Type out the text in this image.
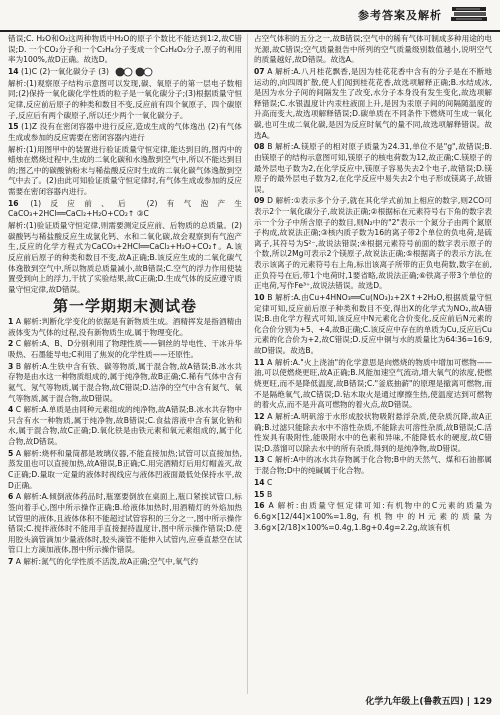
参考答案及解析
错误;C. H₂O和O₂这两种物质中H₂O的原子个数比不能达到1∶2,故C错误;D. 一个CO₂分子和一个C₂H₄分子变成一个C₂H₄O₂分子,原子的利用率为100%,故D正确。故选D。
14 (1)C (2)一氧化碳分子 (3)
解析:(1)观察原子结构示意图可以发现,碳、氧原子的第一层电子数相同;(2)保持一氧化碳化学性质的粒子是一氧化碳分子;(3)根据质量守恒定律,反应前后原子的种类和数目不变,反应前有四个氧原子、四个碳原子,反应后有两个碳原子,所以还少两个一氧化碳分子。
15 (1)Z 没有在密闭容器中进行反应,造成生成的气体逸出 (2)有气体生成或参加的反应需要在密闭容器内进行
解析:(1)用图甲中的装置进行验证质量守恒定律,能达到目的,图丙中的蜡烛在燃烧过程中,生成的二氧化碳和水逸散到空气中,所以不能达到目的;图乙中的碳酸钠粉末与稀盐酸反应时生成的二氧化碳气体逸散到空气中去了。(2)由此可知验证质量守恒定律时,有气体生成或参加的反应需要在密闭容器内进行。
16 (1)反应前、后 (2)有气泡产生 CaCO₃+2HCl══CaCl₂+H₂O+CO₂↑ ③C
解析:(1)验证质量守恒定律,则需要测定反应前、后物质的总质量。(2)碳酸钙与稀盐酸反应生成氯化钙、水和二氧化碳,故会观察到有气泡产生,反应的化学方程式为CaCO₃+2HCl══CaCl₂+H₂O+CO₂↑。A.该反应前后原子的种类和数目不变,故A正确;B.该反应生成的二氧化碳气体逸散到空气中,所以物质总质量减小,故B错误;C.空气的浮力作用使装置受到向上的浮力,干扰了实验结果,故C正确;D.生成气体的反应遵守质量守恒定律,故D错误。
第一学期期末测试卷
1 A 解析:判断化学变化的依据是有新物质生成。酒精挥发是指酒精由液体变为气体的过程,没有新物质生成,属于物理变化。
2 C 解析:A、B、D分别利用了物理性质——铜丝的导电性、干冰升华吸热、石墨能导电;C利用了焦炭的化学性质——还原性。
3 B 解析:A.生铁中含有铁、碳等物质,属于混合物,故A错误;B.冰水共存物是由水这一种物质组成的,属于纯净物,故B正确;C.稀有气体中含有氦气、氖气等物质,属于混合物,故C错误;D.洁净的空气中含有氮气、氧气等物质,属于混合物,故D错误。
4 C 解析:A.单质是由同种元素组成的纯净物,故A错误;B.冰水共存物中只含有水一种物质,属于纯净物,故B错误;C.食盐溶液中含有氯化钠和水,属于混合物,故C正确;D.氧化铁是由铁元素和氧元素组成的,属于化合物,故D错误。
5 A 解析:烧杯和量筒都是玻璃仪器,不能直接加热;试管可以直接加热,蒸发皿也可以直接加热,故A错误,B正确;C.用完酒精灯后用灯帽盖灭,故C正确;D.量取一定量的液体时视线应与液体凹液面最低处保持水平,故D正确。
6 A 解析:A.倾倒液体药品时,瓶塞要倒放在桌面上,瓶口紧挨试管口,标签向着手心,图中所示操作正确;B.给液体加热时,用酒精灯的外焰加热试管里的液体,且液体体积不能超过试管容积的三分之一,图中所示操作错误;C.搅拌液体时不能用手直接握持温度计,图中所示操作错误;D.使用胶头滴管滴加少量液体时,胶头滴管不能伸入试管内,应垂直悬空在试管口上方滴加液体,图中所示操作错误。
7 A 解析:氮气的化学性质不活泼,故A正确;空气中,氧气约
占空气体积的五分之一,故B错误;空气中的稀有气体可制成多种用途的电光源,故C错误;空气质量报告中所列的空气质量级别数值越小,说明空气的质量越好,故D错误。故选A。
07 A 解析:A.八月桂花飘香,是因为桂花花香中含有的分子是在不断地运动的,向四周扩散,使人们闻到桂花花香,故选项解释正确;B.水结成冰,是因为水分子间的间隔发生了改变,水分子本身没有发生变化,故选项解释错误;C.水银温度计内汞柱液面上升,是因为汞原子间的间隔随温度的升高而变大,故选项解释错误;D.碳单质在不同条件下燃烧可生成一氧化碳,也可生成二氧化碳,是因为反应时氧气的量不同,故选项解释错误。故选A。
08 B 解析:A.镁原子的相对原子质量为24.31,单位不是"g",故错误;B.由镁原子的结构示意图可知,镁原子的核电荷数为12,故正确;C.镁原子的最外层电子数为2,在化学反应中,镁原子容易失去2个电子,故错误;D.镁原子的最外层电子数为2,在化学反应中易失去2个电子形成镁离子,故错误。
09 D 解析:①表示多个分子,就在其化学式前加上相应的数字,则2CO可表示2个一氧化碳分子,故说法正确;②根据标在元素符号右下角的数字表示一个分子中所含原子的数目,则N₂中的"2"表示一个氮分子由两个氮原子构成,故说法正确;③核内质子数为16的离子带2个单位的负电荷,是硫离子,其符号为S²⁻,故说法错误;④根据元素符号前面的数字表示原子的个数,所以2Mg可表示2个镁原子,故说法正确;⑤根据离子的表示方法,在表示该离子的元素符号右上角,标出该离子所带的正负电荷数,数字在前,正负符号在后,带1个电荷时,1要省略,故说法正确;⑥铁离子带3个单位的正电荷,写作Fe³⁺,故说法错误。故选D。
10 B 解析:A.由Cu+4HNO₃══Cu(NO₃)₂+2X↑+2H₂O,根据质量守恒定律可知,反应前后原子种类和数目不变,得出X的化学式为NO₂,故A错误;B.由化学方程式可知,该反应中N元素化合价变化,反应前后N元素的化合价分别为+5、+4,故B正确;C.该反应中存在的单质为Cu,反应后Cu元素的化合价为+2,故C错误;D.反应中铜与水的质量比为64∶36=16∶9,故D错误。故选B。
11 A 解析:A."火上浇油"的化学意思是向燃烧的物质中增加可燃物——油,可以使燃烧更旺,故A正确;B.风能加速空气流动,增大氧气的浓度,使燃烧更旺,而不是降低温度,故B错误;C."釜底抽薪"的原理是撤离可燃物,而不是隔绝氧气,故C错误;D.钻木取火是通过摩擦生热,使温度达到可燃物的着火点,而不是升高可燃物的着火点,故D错误。
12 A 解析:A.明矾溶于水形成胶状物吸附悬浮杂质,使杂质沉降,故A正确;B.过滤只能除去水中不溶性杂质,不能除去可溶性杂质,故B错误;C.活性炭具有吸附性,能吸附水中的色素和异味,不能降低水的硬度,故C错误;D.蒸馏可以除去水中的所有杂质,得到的是纯净物,故D错误。
13 C 解析:A中的冰水共存物属于化合物;B中的天然气、煤和石油都属于混合物;D中的纯碱属于化合物。
14 C
15 B
16 A 解析:由质量守恒定律可知:有机物中的C元素的质量为6.6g×[12/44]×100%=1.8g,有机物中的H元素的质量为3.6g×[2/18]×100%=0.4g,1.8g+0.4g=2.2g,故该有机
化学九年级上(鲁教五四) | 129
